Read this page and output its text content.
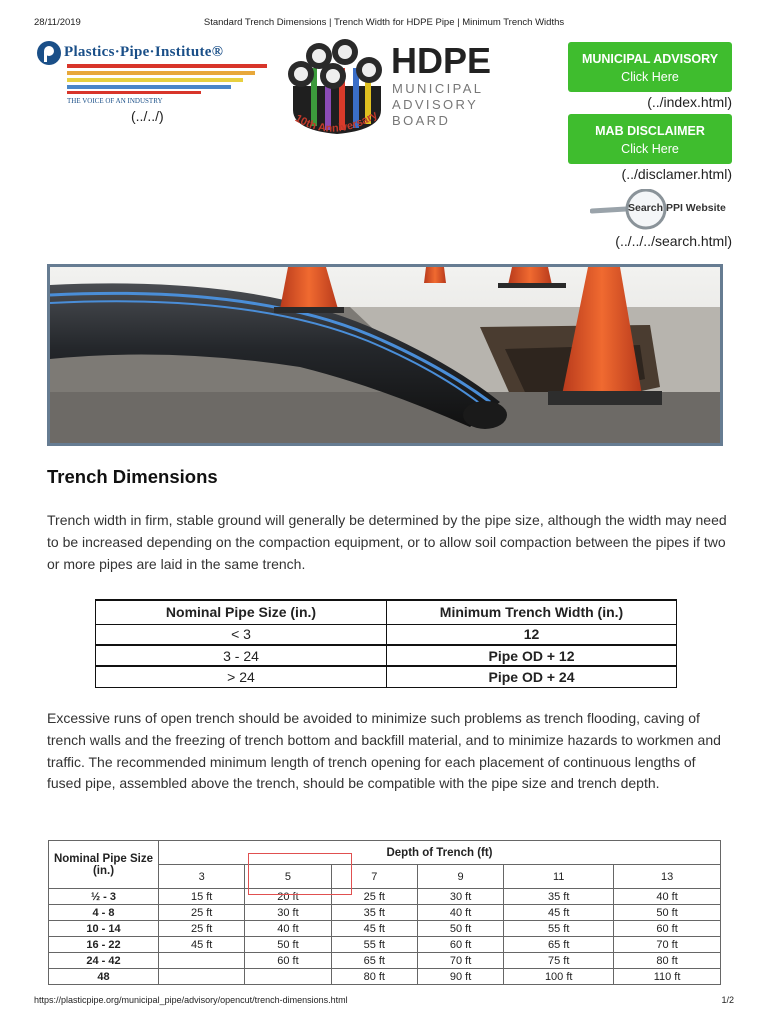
28/11/2019	Standard Trench Dimensions | Trench Width for HDPE Pipe | Minimum Trench Widths
Plastics·Pipe·Institute®
THE VOICE OF AN INDUSTRY
(../../)	10th Anniversary
HDPE
MUNICIPAL
ADVISORY
BOARD
MUNICIPAL ADVISORY
Click Here
(../index.html)
MAB DISCLAIMER
Click Here
(../disclamer.html)
Search PPI Website
(../../../search.html)
Trench Dimensions

Trench width in firm, stable ground will generally be determined by the pipe size, although the width may need to be increased depending on the compaction equipment, or to allow soil compaction between the pipes if two or more pipes are laid in the same trench.

Nominal Pipe Size (in.)	Minimum Trench Width (in.)
< 3	12
3 - 24	Pipe OD + 12
> 24	Pipe OD + 24

Excessive runs of open trench should be avoided to minimize such problems as trench flooding, caving of trench walls and the freezing of trench bottom and backfill material, and to minimize hazards to workmen and traffic. The recommended minimum length of trench opening for each placement of continuous lengths of fused pipe, assembled above the trench, should be compatible with the pipe size and trench depth.

Nominal Pipe Size (in.)	Depth of Trench (ft)					
	3	5	7	9	11	13
½ - 3	15 ft	20 ft	25 ft	30 ft	35 ft	40 ft
4 - 8	25 ft	30 ft	35 ft	40 ft	45 ft	50 ft
10 - 14	25 ft	40 ft	45 ft	50 ft	55 ft	60 ft
16 - 22	45 ft	50 ft	55 ft	60 ft	65 ft	70 ft
24 - 42		60 ft	65 ft	70 ft	75 ft	80 ft
48			80 ft	90 ft	100 ft	110 ft
https://plasticpipe.org/municipal_pipe/advisory/opencut/trench-dimensions.html	1/2
